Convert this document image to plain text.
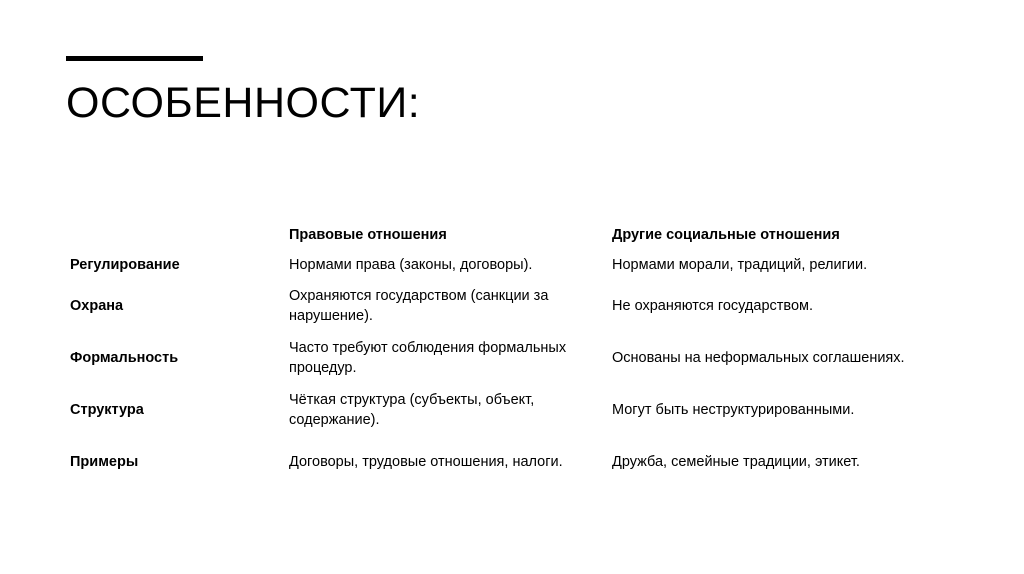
ОСОБЕННОСТИ:
	Правовые отношения	Другие социальные отношения
Регулирование	Нормами права (законы, договоры).	Нормами морали, традиций, религии.
Охрана	Охраняются государством (санкции за нарушение).	Не охраняются государством.
Формальность	Часто требуют соблюдения формальных процедур.	Основаны на неформальных соглашениях.
Структура	Чёткая структура (субъекты, объект, содержание).	Могут быть неструктурированными.
Примеры	Договоры, трудовые отношения, налоги.	Дружба, семейные традиции, этикет.
